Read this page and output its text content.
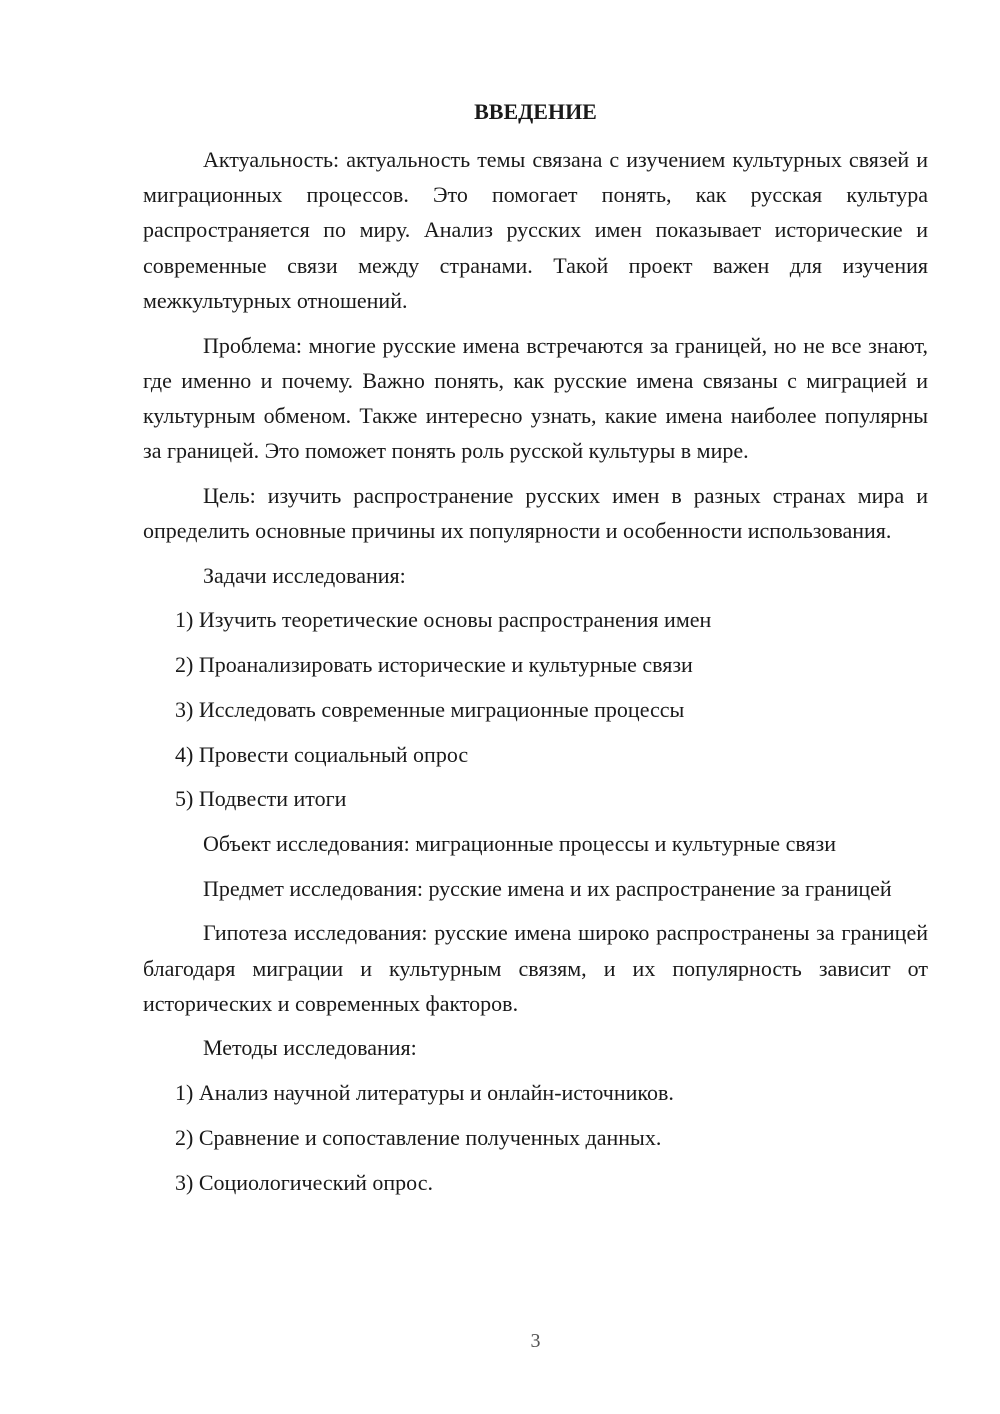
ВВЕДЕНИЕ

Актуальность: актуальность темы связана с изучением культурных связей и миграционных процессов. Это помогает понять, как русская культура распространяется по миру. Анализ русских имен показывает исторические и современные связи между странами. Такой проект важен для изучения межкультурных отношений.

Проблема: многие русские имена встречаются за границей, но не все знают, где именно и почему. Важно понять, как русские имена связаны с миграцией и культурным обменом. Также интересно узнать, какие имена наиболее популярны за границей. Это поможет понять роль русской культуры в мире.

Цель: изучить распространение русских имен в разных странах мира и определить основные причины их популярности и особенности использования.

Задачи исследования:

1) Изучить теоретические основы распространения имен

2) Проанализировать исторические и культурные связи

3) Исследовать современные миграционные процессы

4) Провести социальный опрос

5) Подвести итоги

Объект исследования: миграционные процессы и культурные связи

Предмет исследования: русские имена и их распространение за границей

Гипотеза исследования: русские имена широко распространены за границей благодаря миграции и культурным связям, и их популярность зависит от исторических и современных факторов.

Методы исследования:

1) Анализ научной литературы и онлайн-источников.

2) Сравнение и сопоставление полученных данных.

3) Социологический опрос.

3
